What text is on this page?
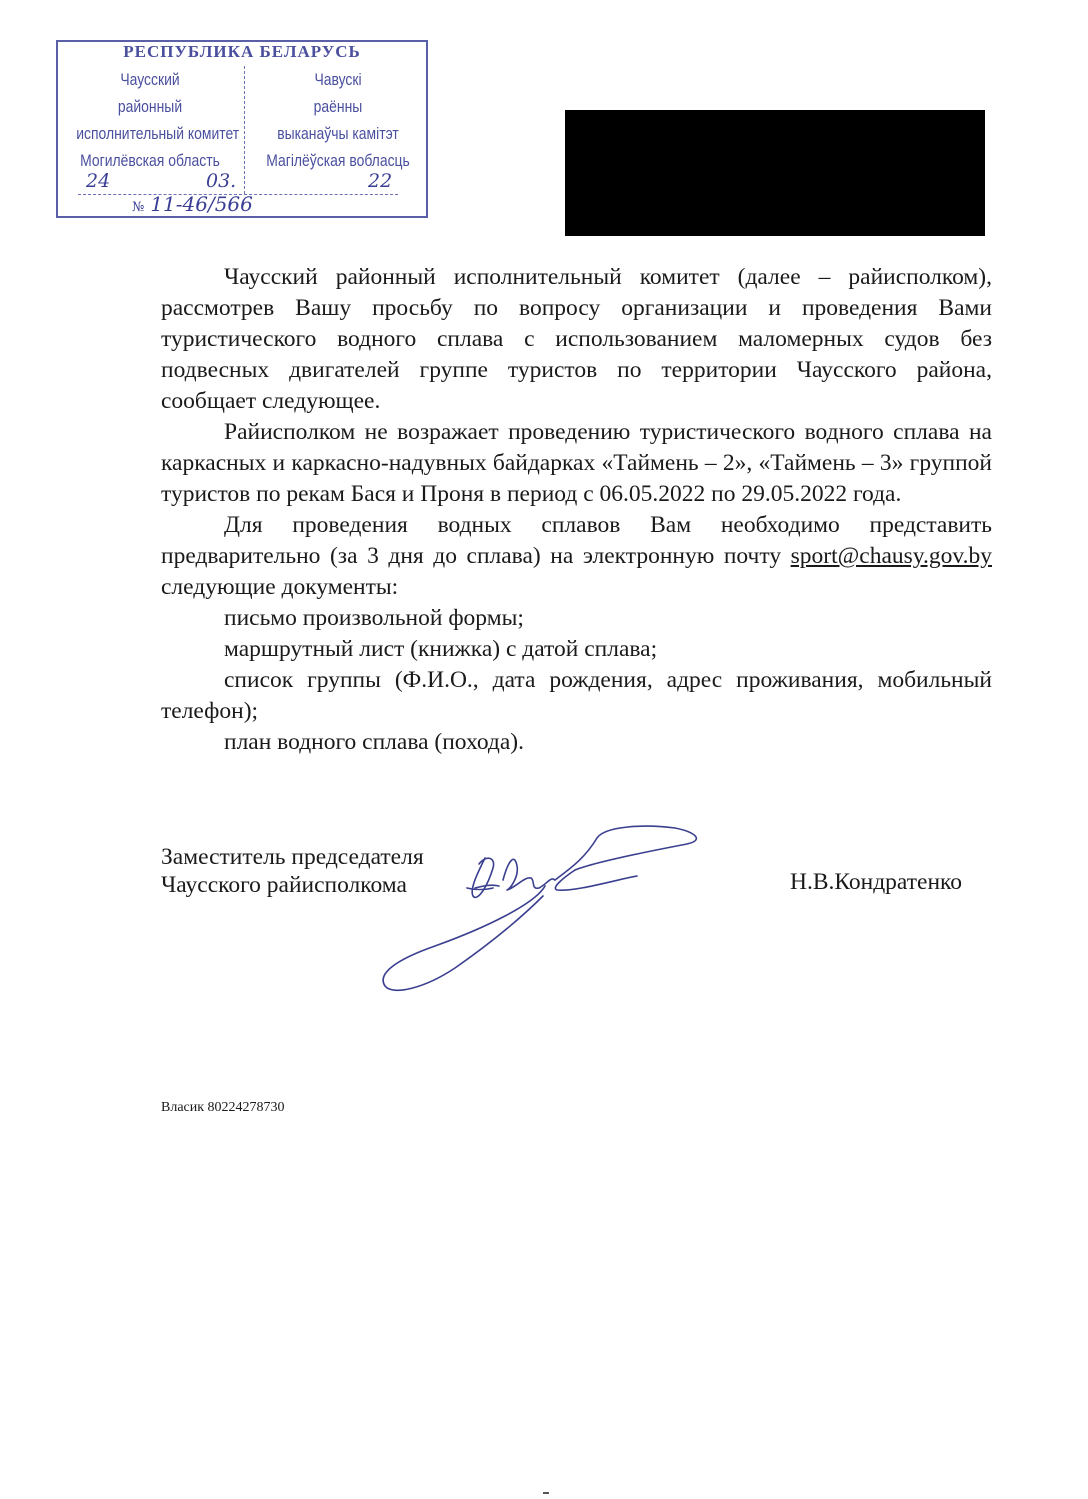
РЕСПУБЛИКА БЕЛАРУСЬ
Чаусский
районный
исполнительный комитет
Могилёвская область
Чавускі
раённы
выканаўчы камітэт
Магілёўская вобласць
24	03.	22
№ 11-46/566

Чаусский районный исполнительный комитет (далее – райисполком), рассмотрев Вашу просьбу по вопросу организации и проведения Вами туристического водного сплава с использованием маломерных судов без подвесных двигателей группе туристов по территории Чаусского района, сообщает следующее.

Райисполком не возражает проведению туристического водного сплава на каркасных и каркасно-надувных байдарках «Таймень – 2», «Таймень – 3» группой туристов по рекам Бася и Проня в период с 06.05.2022 по 29.05.2022 года.

Для проведения водных сплавов Вам необходимо представить предварительно (за 3 дня до сплава) на электронную почту sport@chausy.gov.by следующие документы:

письмо произвольной формы;
маршрутный лист (книжка) с датой сплава;
список группы (Ф.И.О., дата рождения, адрес проживания, мобильный телефон);
план водного сплава (похода).
Заместитель председателя
Чаусского райисполкома	Н.В.Кондратенко
Власик 80224278730
